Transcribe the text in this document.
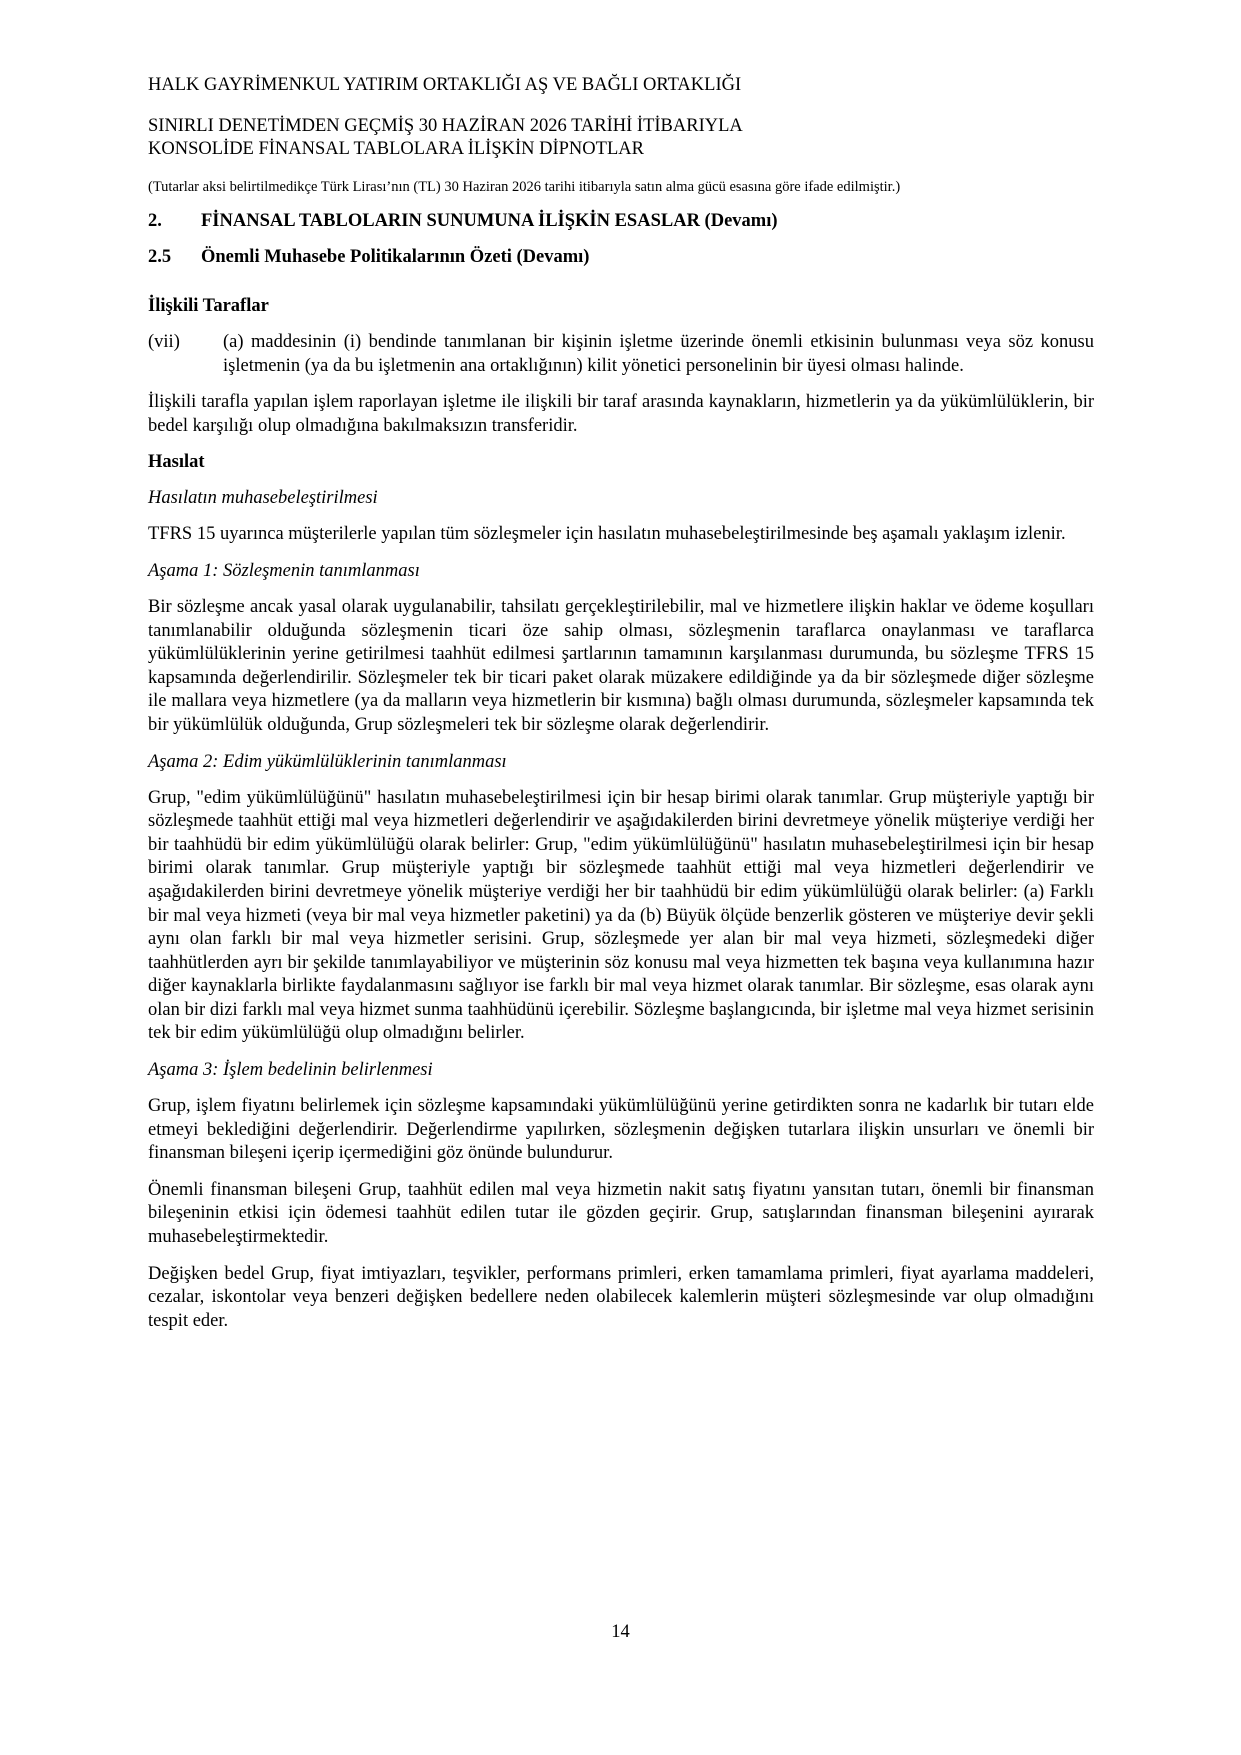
HALK GAYRİMENKUL YATIRIM ORTAKLIĞI AŞ VE BAĞLI ORTAKLIĞI

SINIRLI DENETİMDEN GEÇMİŞ 30 HAZİRAN 2026 TARİHİ İTİBARIYLA

KONSOLİDE FİNANSAL TABLOLARA İLİŞKİN DİPNOTLAR

(Tutarlar aksi belirtilmedikçe Türk Lirası’nın (TL) 30 Haziran 2026 tarihi itibarıyla satın alma gücü esasına göre ifade edilmiştir.)

2.	FİNANSAL TABLOLARIN SUNUMUNA İLİŞKİN ESASLAR (Devamı)
2.5	Önemli Muhasebe Politikalarının Özeti (Devamı)

İlişkili Taraflar

(vii)	(a) maddesinin (i) bendinde tanımlanan bir kişinin işletme üzerinde önemli etkisinin bulunması veya söz konusu işletmenin (ya da bu işletmenin ana ortaklığının) kilit yönetici personelinin bir üyesi olması halinde.

İlişkili tarafla yapılan işlem raporlayan işletme ile ilişkili bir taraf arasında kaynakların, hizmetlerin ya da yükümlülüklerin, bir bedel karşılığı olup olmadığına bakılmaksızın transferidir.

Hasılat

Hasılatın muhasebeleştirilmesi

TFRS 15 uyarınca müşterilerle yapılan tüm sözleşmeler için hasılatın muhasebeleştirilmesinde beş aşamalı yaklaşım izlenir.

Aşama 1: Sözleşmenin tanımlanması

Bir sözleşme ancak yasal olarak uygulanabilir, tahsilatı gerçekleştirilebilir, mal ve hizmetlere ilişkin haklar ve ödeme koşulları tanımlanabilir olduğunda sözleşmenin ticari öze sahip olması, sözleşmenin taraflarca onaylanması ve taraflarca yükümlülüklerinin yerine getirilmesi taahhüt edilmesi şartlarının tamamının karşılanması durumunda, bu sözleşme TFRS 15 kapsamında değerlendirilir. Sözleşmeler tek bir ticari paket olarak müzakere edildiğinde ya da bir sözleşmede diğer sözleşme ile mallara veya hizmetlere (ya da malların veya hizmetlerin bir kısmına) bağlı olması durumunda, sözleşmeler kapsamında tek bir yükümlülük olduğunda, Grup sözleşmeleri tek bir sözleşme olarak değerlendirir.

Aşama 2: Edim yükümlülüklerinin tanımlanması

Grup, "edim yükümlülüğünü" hasılatın muhasebeleştirilmesi için bir hesap birimi olarak tanımlar. Grup müşteriyle yaptığı bir sözleşmede taahhüt ettiği mal veya hizmetleri değerlendirir ve aşağıdakilerden birini devretmeye yönelik müşteriye verdiği her bir taahhüdü bir edim yükümlülüğü olarak belirler: Grup, "edim yükümlülüğünü" hasılatın muhasebeleştirilmesi için bir hesap birimi olarak tanımlar. Grup müşteriyle yaptığı bir sözleşmede taahhüt ettiği mal veya hizmetleri değerlendirir ve aşağıdakilerden birini devretmeye yönelik müşteriye verdiği her bir taahhüdü bir edim yükümlülüğü olarak belirler: (a) Farklı bir mal veya hizmeti (veya bir mal veya hizmetler paketini) ya da (b) Büyük ölçüde benzerlik gösteren ve müşteriye devir şekli aynı olan farklı bir mal veya hizmetler serisini. Grup, sözleşmede yer alan bir mal veya hizmeti, sözleşmedeki diğer taahhütlerden ayrı bir şekilde tanımlayabiliyor ve müşterinin söz konusu mal veya hizmetten tek başına veya kullanımına hazır diğer kaynaklarla birlikte faydalanmasını sağlıyor ise farklı bir mal veya hizmet olarak tanımlar. Bir sözleşme, esas olarak aynı olan bir dizi farklı mal veya hizmet sunma taahhüdünü içerebilir. Sözleşme başlangıcında, bir işletme mal veya hizmet serisinin tek bir edim yükümlülüğü olup olmadığını belirler.

Aşama 3: İşlem bedelinin belirlenmesi

Grup, işlem fiyatını belirlemek için sözleşme kapsamındaki yükümlülüğünü yerine getirdikten sonra ne kadarlık bir tutarı elde etmeyi beklediğini değerlendirir. Değerlendirme yapılırken, sözleşmenin değişken tutarlara ilişkin unsurları ve önemli bir finansman bileşeni içerip içermediğini göz önünde bulundurur.

Önemli finansman bileşeni Grup, taahhüt edilen mal veya hizmetin nakit satış fiyatını yansıtan tutarı, önemli bir finansman bileşeninin etkisi için ödemesi taahhüt edilen tutar ile gözden geçirir. Grup, satışlarından finansman bileşenini ayırarak muhasebeleştirmektedir.

Değişken bedel Grup, fiyat imtiyazları, teşvikler, performans primleri, erken tamamlama primleri, fiyat ayarlama maddeleri, cezalar, iskontolar veya benzeri değişken bedellere neden olabilecek kalemlerin müşteri sözleşmesinde var olup olmadığını tespit eder.

14
